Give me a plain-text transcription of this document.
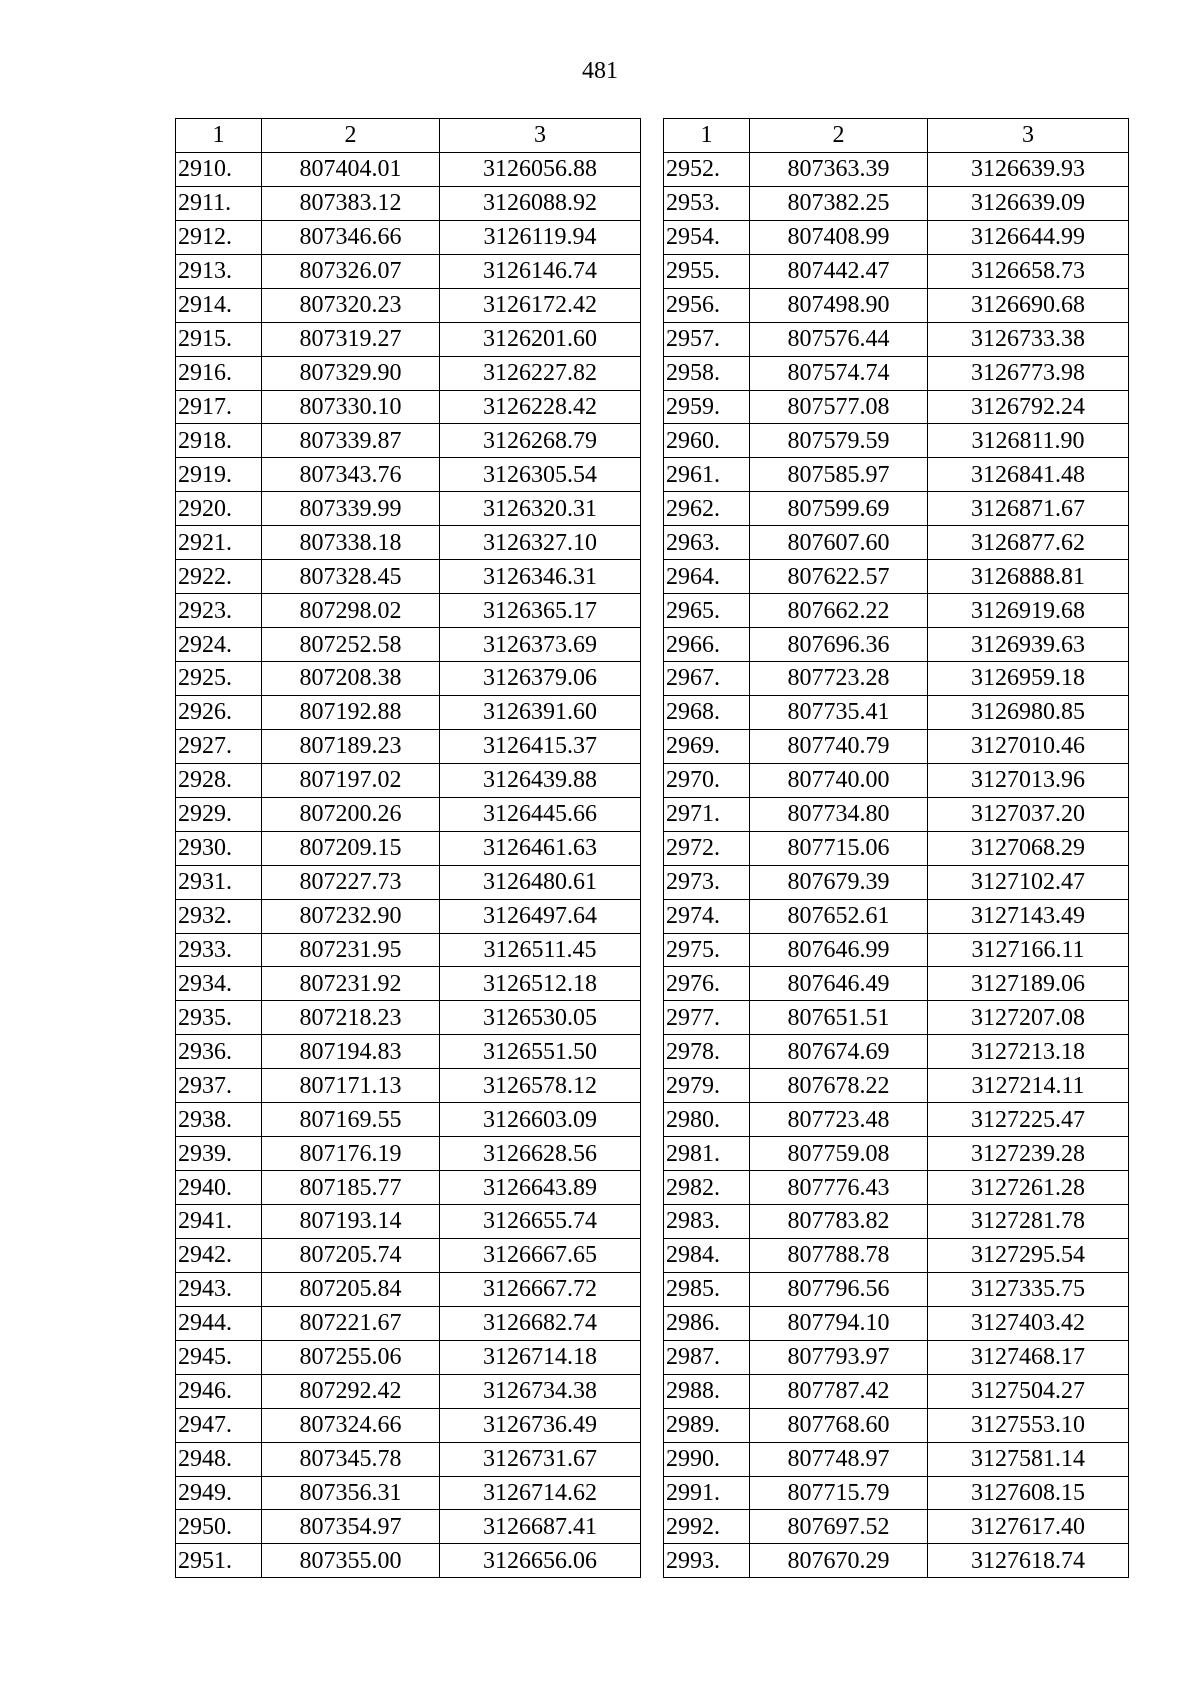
481
1	2	3
2910.	807404.01	3126056.88
2911.	807383.12	3126088.92
2912.	807346.66	3126119.94
2913.	807326.07	3126146.74
2914.	807320.23	3126172.42
2915.	807319.27	3126201.60
2916.	807329.90	3126227.82
2917.	807330.10	3126228.42
2918.	807339.87	3126268.79
2919.	807343.76	3126305.54
2920.	807339.99	3126320.31
2921.	807338.18	3126327.10
2922.	807328.45	3126346.31
2923.	807298.02	3126365.17
2924.	807252.58	3126373.69
2925.	807208.38	3126379.06
2926.	807192.88	3126391.60
2927.	807189.23	3126415.37
2928.	807197.02	3126439.88
2929.	807200.26	3126445.66
2930.	807209.15	3126461.63
2931.	807227.73	3126480.61
2932.	807232.90	3126497.64
2933.	807231.95	3126511.45
2934.	807231.92	3126512.18
2935.	807218.23	3126530.05
2936.	807194.83	3126551.50
2937.	807171.13	3126578.12
2938.	807169.55	3126603.09
2939.	807176.19	3126628.56
2940.	807185.77	3126643.89
2941.	807193.14	3126655.74
2942.	807205.74	3126667.65
2943.	807205.84	3126667.72
2944.	807221.67	3126682.74
2945.	807255.06	3126714.18
2946.	807292.42	3126734.38
2947.	807324.66	3126736.49
2948.	807345.78	3126731.67
2949.	807356.31	3126714.62
2950.	807354.97	3126687.41
2951.	807355.00	3126656.06
1	2	3
2952.	807363.39	3126639.93
2953.	807382.25	3126639.09
2954.	807408.99	3126644.99
2955.	807442.47	3126658.73
2956.	807498.90	3126690.68
2957.	807576.44	3126733.38
2958.	807574.74	3126773.98
2959.	807577.08	3126792.24
2960.	807579.59	3126811.90
2961.	807585.97	3126841.48
2962.	807599.69	3126871.67
2963.	807607.60	3126877.62
2964.	807622.57	3126888.81
2965.	807662.22	3126919.68
2966.	807696.36	3126939.63
2967.	807723.28	3126959.18
2968.	807735.41	3126980.85
2969.	807740.79	3127010.46
2970.	807740.00	3127013.96
2971.	807734.80	3127037.20
2972.	807715.06	3127068.29
2973.	807679.39	3127102.47
2974.	807652.61	3127143.49
2975.	807646.99	3127166.11
2976.	807646.49	3127189.06
2977.	807651.51	3127207.08
2978.	807674.69	3127213.18
2979.	807678.22	3127214.11
2980.	807723.48	3127225.47
2981.	807759.08	3127239.28
2982.	807776.43	3127261.28
2983.	807783.82	3127281.78
2984.	807788.78	3127295.54
2985.	807796.56	3127335.75
2986.	807794.10	3127403.42
2987.	807793.97	3127468.17
2988.	807787.42	3127504.27
2989.	807768.60	3127553.10
2990.	807748.97	3127581.14
2991.	807715.79	3127608.15
2992.	807697.52	3127617.40
2993.	807670.29	3127618.74
